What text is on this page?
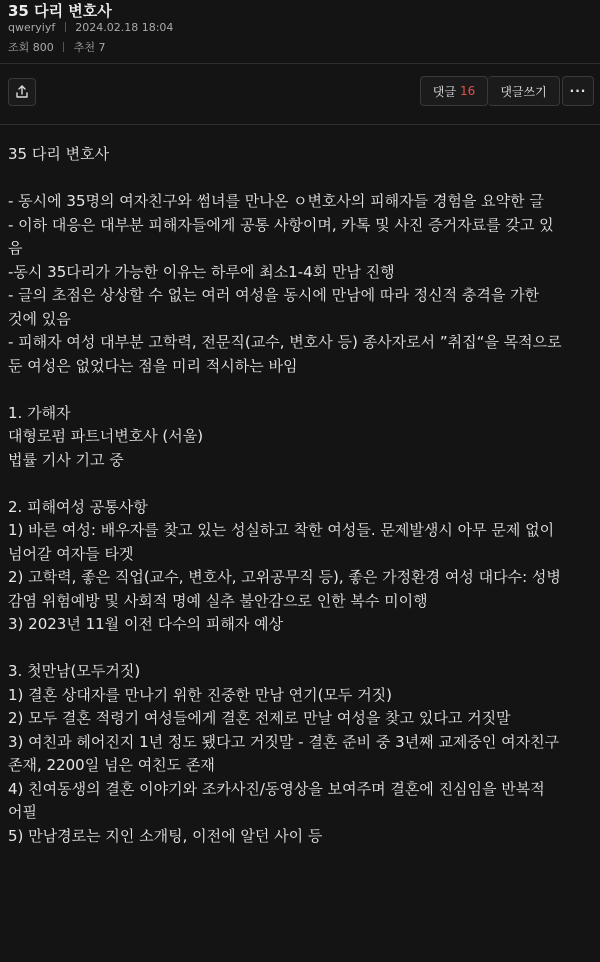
35 다리 변호사
qweryiyf 2024.02.18 18:04
조회 800 추천 7
댓글 16 댓글쓰기 ···
35 다리 변호사
- 동시에 35명의 여자친구와 썸녀를 만나온 ㅇ변호사의 피해자들 경험을 요약한 글
- 이하 대응은 대부분 피해자들에게 공통 사항이며, 카톡 및 사진 증거자료를 갖고 있
음
-동시 35다리가 가능한 이유는 하루에 최소1-4회 만남 진행
- 글의 초점은 상상할 수 없는 여러 여성을 동시에 만남에 따라 정신적 충격을 가한
것에 있음
- 피해자 여성 대부분 고학력, 전문직(교수, 변호사 등) 종사자로서 ”취집“을 목적으로
둔 여성은 없었다는 점을 미리 적시하는 바임
1. 가해자
대형로펌 파트너변호사 (서울)
법률 기사 기고 중
2. 피해여성 공통사항
1) 바른 여성: 배우자를 찾고 있는 성실하고 착한 여성들. 문제발생시 아무 문제 없이
넘어갈 여자들 타겟
2) 고학력, 좋은 직업(교수, 변호사, 고위공무직 등), 좋은 가정환경 여성 대다수: 성병
감염 위험예방 및 사회적 명예 실추 불안감으로 인한 복수 미이행
3) 2023년 11월 이전 다수의 피해자 예상
3. 첫만남(모두거짓)
1) 결혼 상대자를 만나기 위한 진중한 만남 연기(모두 거짓)
2) 모두 결혼 적령기 여성들에게 결혼 전제로 만날 여성을 찾고 있다고 거짓말
3) 여친과 헤어진지 1년 정도 됐다고 거짓말 - 결혼 준비 중 3년째 교제중인 여자친구
존재, 2200일 넘은 여친도 존재
4) 친여동생의 결혼 이야기와 조카사진/동영상을 보여주며 결혼에 진심임을 반복적
어필
5) 만남경로는 지인 소개팅, 이전에 알던 사이 등
